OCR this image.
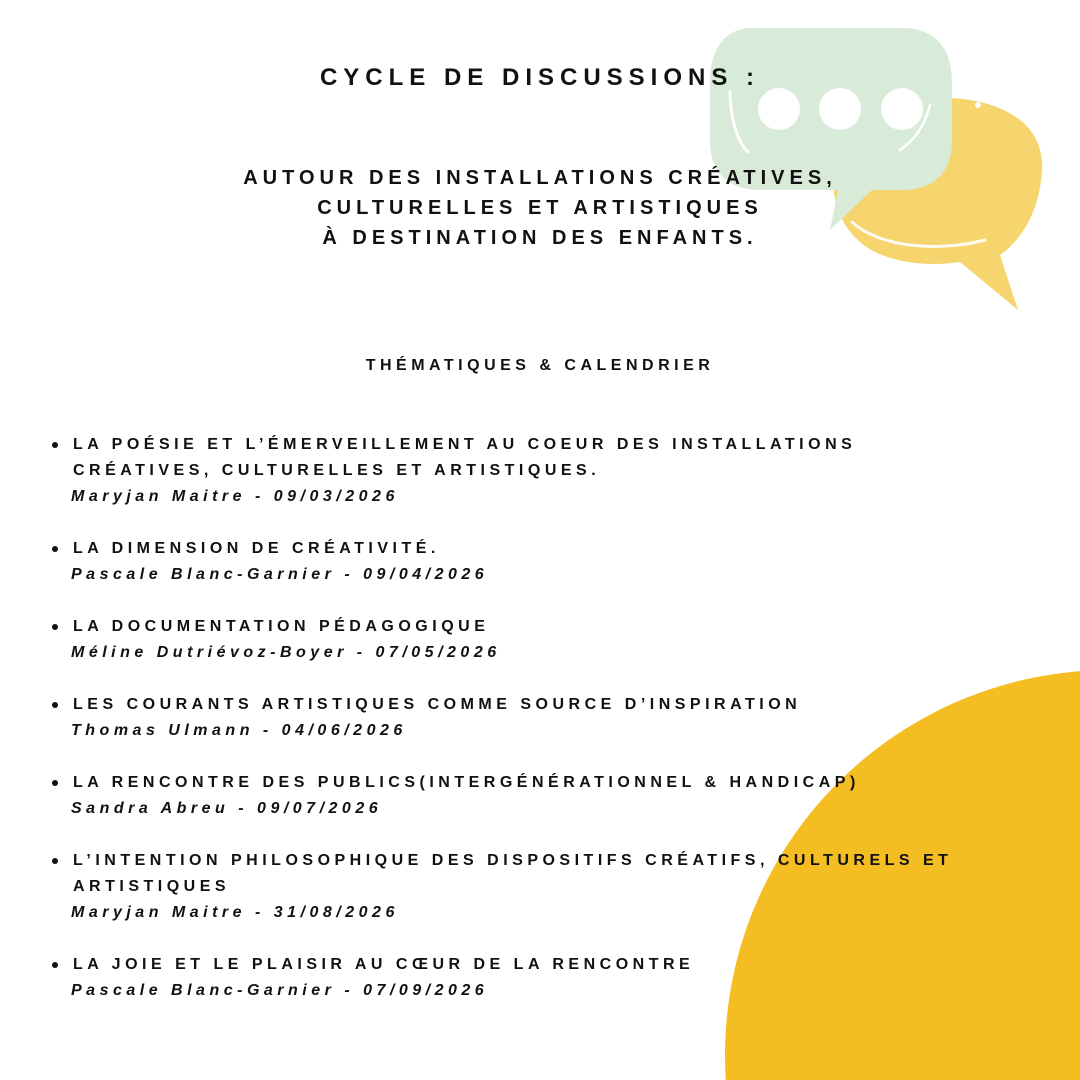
CYCLE DE DISCUSSIONS :
AUTOUR DES INSTALLATIONS CRÉATIVES,
CULTURELLES ET ARTISTIQUES
À DESTINATION DES ENFANTS.
THÉMATIQUES & CALENDRIER
LA POÉSIE ET L’ÉMERVEILLEMENT AU COEUR DES INSTALLATIONS
CRÉATIVES, CULTURELLES ET ARTISTIQUES.
Maryjan Maitre - 09/03/2026
LA DIMENSION DE CRÉATIVITÉ.
Pascale Blanc-Garnier - 09/04/2026
LA DOCUMENTATION PÉDAGOGIQUE
Méline Dutriévoz-Boyer - 07/05/2026
LES COURANTS ARTISTIQUES COMME SOURCE D’INSPIRATION
Thomas Ulmann - 04/06/2026
LA RENCONTRE DES PUBLICS(INTERGÉNÉRATIONNEL & HANDICAP)
Sandra Abreu - 09/07/2026
L’INTENTION PHILOSOPHIQUE DES DISPOSITIFS CRÉATIFS, CULTURELS ET
ARTISTIQUES
Maryjan Maitre - 31/08/2026
LA JOIE ET LE PLAISIR AU CŒUR DE LA RENCONTRE
Pascale Blanc-Garnier - 07/09/2026
